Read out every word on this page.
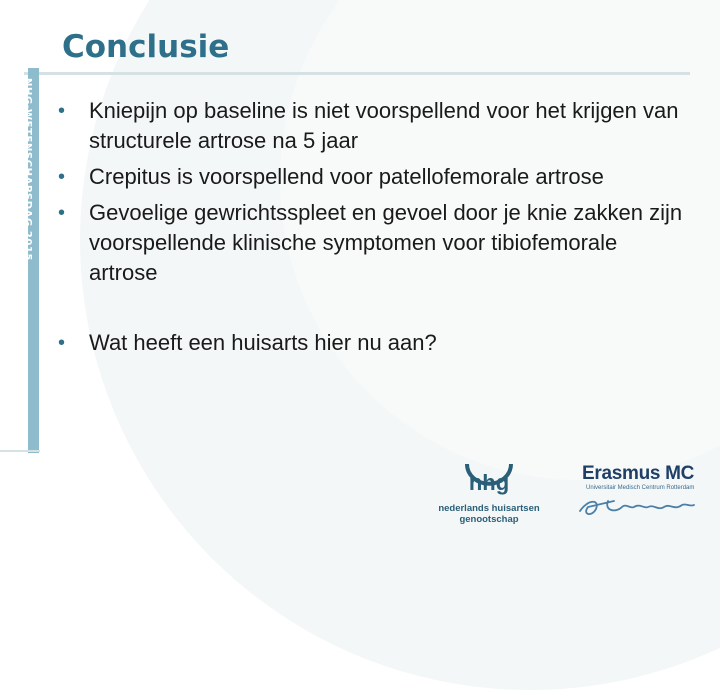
NHG-WETENSCHAPSDAG 2015
Conclusie
• Kniepijn op baseline is niet voorspellend voor het krijgen van structurele artrose na 5 jaar
• Crepitus is voorspellend voor patellofemorale artrose
• Gevoelige gewrichtsspleet en gevoel door je knie zakken zijn voorspellende klinische symptomen voor tibiofemorale artrose
• Wat heeft een huisarts hier nu aan?
nhg
nederlands huisartsen
genootschap
Erasmus MC
Universitair Medisch Centrum Rotterdam
